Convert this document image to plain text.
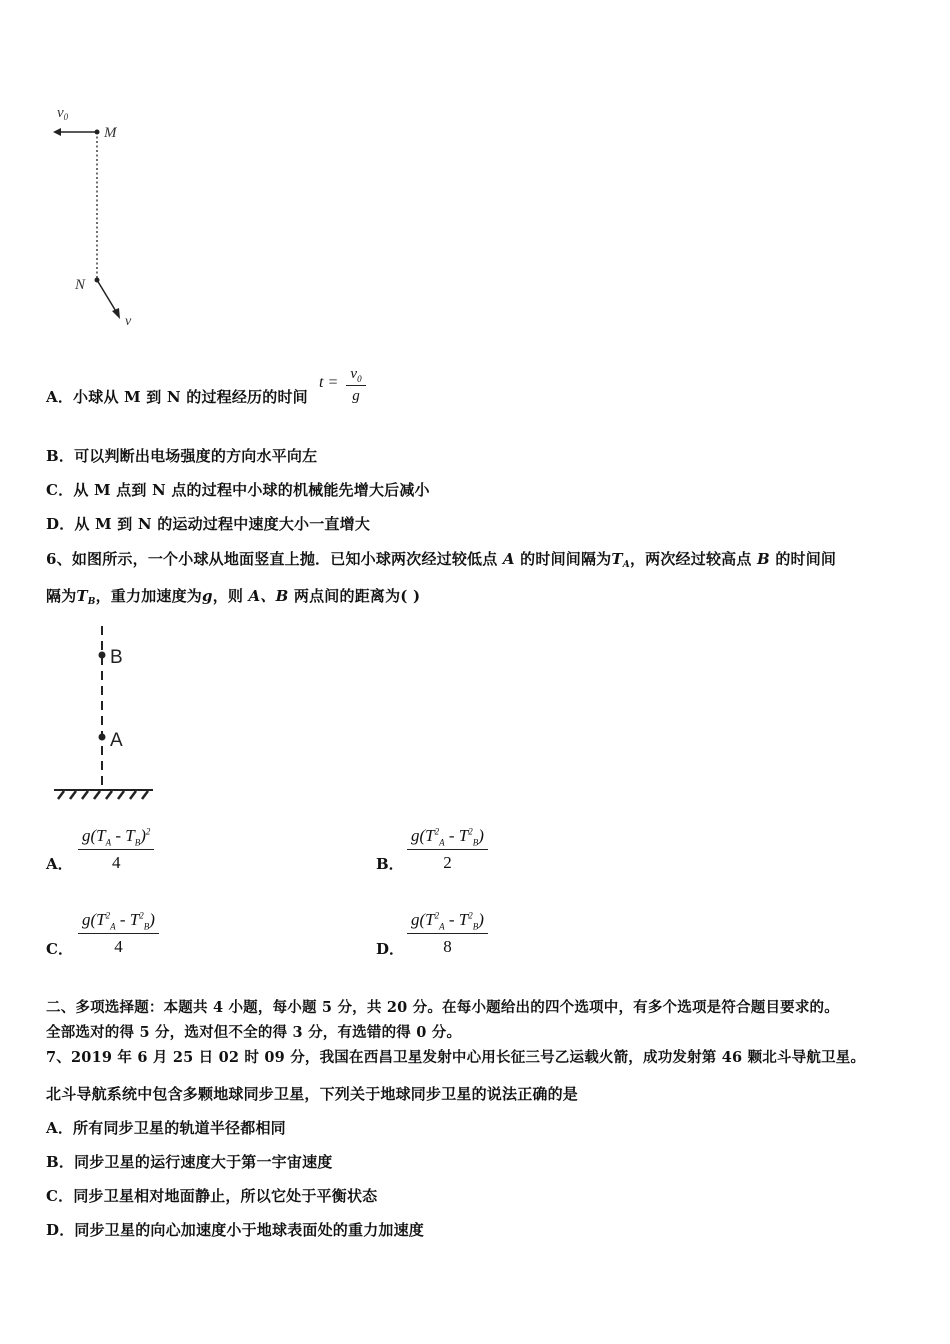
$v_0$
M
N
v
A．小球从 M 到 N 的过程经历的时间
$t = \frac{v_0}{g}$
B．可以判断出电场强度的方向水平向左
C．从 M 点到 N 点的过程中小球的机械能先增大后减小
D．从 M 到 N 的运动过程中速度大小一直增大
6、如图所示，一个小球从地面竖直上抛．已知小球两次经过较低点 A 的时间间隔为$T_A$，两次经过较高点 B 的时间间
隔为$T_B$，重力加速度为g，则 A、B 两点间的距离为( )
B
A
A． $\frac{g(T_A - T_B)^2}{4}$	B． $\frac{g(T^2_A - T^2_B)}{2}$
C． $\frac{g(T^2_A - T^2_B)}{4}$	D． $\frac{g(T^2_A - T^2_B)}{8}$
二、多项选择题：本题共 4 小题，每小题 5 分，共 20 分。在每小题给出的四个选项中，有多个选项是符合题目要求的。
全部选对的得 5 分，选对但不全的得 3 分，有选错的得 0 分。
7、2019 年 6 月 25 日 02 时 09 分，我国在西昌卫星发射中心用长征三号乙运载火箭，成功发射第 46 颗北斗导航卫星。
北斗导航系统中包含多颗地球同步卫星，下列关于地球同步卫星的说法正确的是
A．所有同步卫星的轨道半径都相同
B．同步卫星的运行速度大于第一宇宙速度
C．同步卫星相对地面静止，所以它处于平衡状态
D．同步卫星的向心加速度小于地球表面处的重力加速度
